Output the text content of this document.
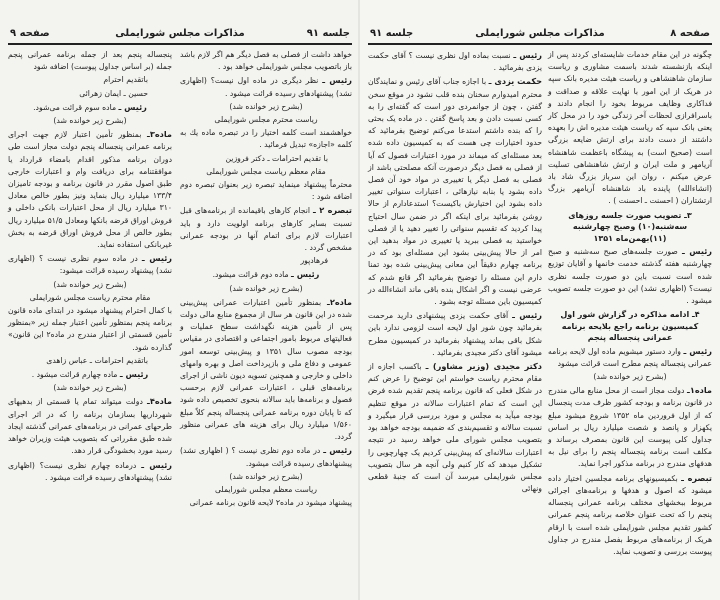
جلسه ۹۱
مذاکرات مجلس شورایملی
صفحه ۹

خواهد داشت از فصلی به فصل دیگر هم اگر لازم باشد باز باتصویب مجلس شورایملی خواهد بود .

رئیس ـ نظر دیگری در ماده اول نیست؟ (اظهاری نشد) پیشنهادهای رسیده قرائت میشود .

(بشرح زیر خوانده شد)

ریاست محترم مجلس شورایملی

خواهشمند است کلمه اختیار را در تبصره ماده یك به کلمه «اجازه» تبدیل فرمائید .

با تقدیم احترامات ـ دکتر فروزین

مقام معظم ریاست مجلس شورایملی

محترماً پیشنهاد مینماید تبصره زیر بعنوان تبصره دوم اضافه شود :

تبصره ۲ ـ انجام کارهای باقیمانده از برنامه‌های قبل نسبت بسایر کارهای برنامه اولویت دارد و باید اعتبارات لازم برای اتمام آنها در بودجه عمرانی مشخص گردد .

فرهادپور

رئیس ـ ماده دوم قرائت میشود.

(بشرح زیر خوانده شد)

ماده۲ـ بمنظور تأمین اعتبارات عمرانی پیش‌بینی شده در این قانون هر سال از مجموع منابع مالی دولت پس از تأمین هزینه نگهداشت سطح عملیات و فعالیتهای مربوط بامور اجتماعی و اقتصادی در مقیاس بودجه مصوب سال ۱۳۵۱ و پیش‌بینی توسعه امور عمومی و دفاع ملی و بازپرداخت اصل و بهره وامهای داخلی و خارجی و همچنین تسویه دیون ناشی از اجرای برنامه‌های قبلی ، اعتبارات عمرانی لازم برحسب فصول و برنامه‌ها باید سالانه بنحوی تخصیص داده شود که تا پایان دوره برنامه عمرانی پنجساله پنجم کلاً مبلغ ۱/۵۶۰ میلیارد ریال برای هزینه های عمرانی منظور گردد.

رئیس ـ در ماده دوم نظری نیست ؟ ( اظهاری نشد) پیشنهادهای رسیده قرائت میشود.

(بشرح زیر خوانده شد)

ریاست معظم مجلس شورایملی

پیشنهاد میشود در ماده۲ لایحه قانون برنامه عمرانی

پنجساله پنجم بعد از جمله برنامه عمرانی پنجم جمله (بر اساس جداول پیوست) اضافه شود

باتقدیم احترام

حسین ـ ایمان زهرائی

رئیس ـ ماده سوم قرائت می‌شود.

(بشرح زیر خوانده شد)

ماده۳ـ بمنظور تأمین اعتبار لازم جهت اجرای برنامه عمرانی پنجساله پنجم دولت مجاز است طی دوران برنامه مذکور اقدام بامضاء قرارداد یا موافقتنامه برای دریافت وام و اعتبارات خارجی طبق اصول مقرر در قانون برنامه و بودجه تامیزان ۱۳۳/۴ میلیارد ریال بنماید ونیز بطور خالص معادل ۳۱۰ میلیارد ریال از محل اعتبارات بانکی داخلی و فروش اوراق قرضه بانکها ومعادل ۵۱/۵ میلیارد ریال بطور خالص از محل فروش اوراق قرضه به بخش غیربانکی استفاده نماید.

رئیس ـ در ماده سوم نظری نیست ؟ (اظهاری نشد) پیشنهاد رسیده قرائت میشود:

(بشرح زیر خوانده شد)

مقام محترم ریاست مجلس شورایملی

با کمال احترام پیشنهاد میشود در ابتدای ماده قانون برنامه پنجم بمنظور تأمین اعتبار جمله زیر «بمنظور تأمین قسمتی از اعتبار مندرج در ماده۲ این قانون» گذارده شود.

باتقدیم احترامات ـ عباس زاهدی

رئیس ـ ماده چهارم قرائت میشود .

(بشرح زیر خوانده شد)

ماده۴ـ دولت میتواند تمام یا قسمتی از بدهیهای شهرداریها بسازمان برنامه را که در اثر اجرای طرحهای عمرانی در برنامه‌های عمرانی گذشته ایجاد شده طبق مقرراتی که بتصویب هیئت وزیران خواهد رسید مورد بخشودگی قرار دهد.

رئیس ـ درماده چهارم نظری نیست؟ (اظهاری نشد) پیشنهادهای رسیده قرائت میشود .

صفحه ۸
مذاکرات مجلس شورایملی
جلسه ۹۱

چگونه در این مقام خدمات شایسته‌ای کردند پس از اینکه بازنشسته شدند باسمت مشاوری و ریاست سازمان شاهنشاهی و ریاست هیئت مدیره بانک سپه در هریک از این امور با نهایت علاقه و صداقت و فداکاری وظایف مربوط بخود را انجام دادند و باسرافرازی لحظات آخر زندگی خود را در محل کار یعنی بانک سپه که ریاست هیئت مدیره اش را بعهده داشتند از دست دادند برای ارتش ضایعه بزرگی است (صحیح است) به پیشگاه باعظمت شاهنشاه آریامهر و ملت ایران و ارتش شاهنشاهی تسلیت عرض میکنم ، روان این سرباز بزرگ شاد باد (انشاءالله) پاینده باد شاهنشاه آریامهر بزرگ ارتشتاران ( احسنت ـ احسنت ) .

۳ـ تصویب صورت جلسه روزهای سه‌شنبه(۱۰) وصبح چهارشنبه (۱۱)بهمن‌ماه ۱۳۵۱

رئیس ـ صورت جلسه‌های صبح سه‌شنبه و صبح چهارشنبه هفته گذشته خدمت خانمها و آقایان توزیع شده است نسبت باین دو صورت جلسه نظری نیست؟ (اظهاری نشد) این دو صورت جلسه تصویب میشود .

۴ـ ادامه مذاکره در گزارش شور اول کمیسیون برنامه راجع بلایحه برنامه عمرانی پنجساله پنجم

رئیس ـ وارد دستور میشویم ماده اول لایحه برنامه عمرانی پنجساله پنجم مطرح است قرائت میشود

(بشرح زیر خوانده شد)

ماده۱ـ دولت مجاز است از محل منابع مالی مندرج در قانون برنامه و بودجه کشور ظرف مدت پنجسال که از اول فروردین ماه ۱۳۵۲ شروع میشود مبلغ یکهزار و پانصد و شصت میلیارد ریال بر اساس جداول کلی پیوست این قانون بمصرف برساند و مکلف است برنامه پنجساله پنجم را برای نیل به هدفهای مندرج در برنامه مذکور اجرا نماید.

تبصره ـ بکمیسیونهای برنامه مجلسین اختیار داده میشود که اصول و هدفها و برنامه‌های اجرائی مربوط ببخشهای مختلف برنامه عمرانی پنجساله پنجم را که تحت عنوان خلاصه برنامه پنجم عمرانی کشور تقدیم مجلس شورایملی شده است با ارقام هریک از برنامه‌های مربوط بفصل مندرج در جداول پیوست بررسی و تصویب نماید.

رئیس ـ نسبت بماده اول نظری نیست ؟ آقای حکمت یزدی بفرمائید .

حکمت یزدی ـ با اجازه جناب آقای رئیس و نمایندگان محترم امیدوارم سخنان بنده قلب نشود در موقع سخن گفتن ، چون از جوانمردی دور است که گفته‌ای را به کسی نسبت دادن و بعد پاسخ گفتن . در ماده یک بحثی را که بنده داشتم استدعا می‌کنم توضیح بفرمائید که حدود اختیارات چی هست که به کمیسیون داده شده بعد مسئله‌ای که میماند در مورد اعتبارات فصول که آیا از فصلی به فصل دیگر درصورت آنکه مصلحتی باشد از فصلی به فصل دیگر یا تغییری در مواد خود آن فصل داده بشود یا بنابه نیازهائی ، اعتبارات سنواتی تغییر داده بشود این اختیارش باکیست؟ استدعادارم از حالا روشن بفرمائید برای اینکه اگر در ضمن سال احتیاج پیدا کردید که تقسیم سنواتی را تغییر دهید یا از فصلی خواستید به فصلی ببرید یا تغییری در مواد بدهید این امر از حالا پیش‌بینی بشود این مسئله‌ای بود که در برنامه چهارم دقیقاً این معانی پیش‌بینی شده بود تمنا دارم این مسئله را توضیح بفرمائید اگر قانع شدم که عرضی نیست و اگر اشکال بنده باقی ماند انشاءالله در کمیسیون باین مسئله توجه بشود .

رئیس ـ آقای حکمت یزدی پیشنهادی دارید مرحمت بفرمائید چون شور اول لایحه است لزومی ندارد باین شکل باقی بماند پیشنهاد بفرمائید در کمیسیون مطرح میشود آقای دکتر مجیدی بفرمائید .

دکتر مجیدی (وزیر مشاور) ـ باکسب اجازه از مقام محترم ریاست خواستم این توضیح را عرض کنم در شکل فعلی که قانون برنامه پنجم تقدیم شده فرض این است که تمام اعتبارات سالانه در موقع تنظیم بودجه میآید به مجلس و مورد بررسی قرار میگیرد و نسبت سالانه و تقسیم‌بندی که ضمیمه بودجه خواهد بود بتصویب مجلس شورای ملی خواهد رسید در نتیجه اعتبارات سالانه‌ای که پیش‌بینی کردیم یک چهارچوبی را تشکیل میدهد که کار کنیم ولی آنچه هر سال بتصویب مجلس شورایملی میرسد آن است که جنبهٔ قطعی ونهائی
